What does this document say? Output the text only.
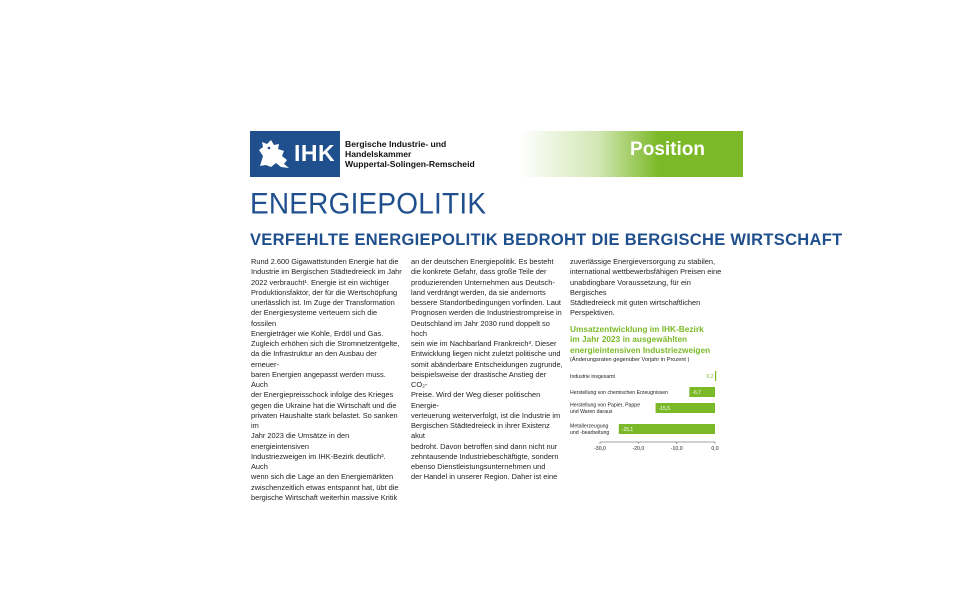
IHK Bergische Industrie- und Handelskammer
Wuppertal-Solingen-Remscheid
Position
ENERGIEPOLITIK
VERFEHLTE ENERGIEPOLITIK BEDROHT DIE BERGISCHE WIRTSCHAFT

Rund 2.600 Gigawattstunden Energie hat die

Industrie im Bergischen Städtedreieck im Jahr

2022 verbraucht¹. Energie ist ein wichtiger

Produktionsfaktor, der für die Wertschöpfung

unerlässlich ist. Im Zuge der Transformation

der Energiesysteme verteuern sich die fossilen

Energieträger wie Kohle, Erdöl und Gas.

Zugleich erhöhen sich die Stromnetzentgelte,

da die Infrastruktur an den Ausbau der erneuer-

baren Energien angepasst werden muss. Auch

der Energiepreisschock infolge des Krieges

gegen die Ukraine hat die Wirtschaft und die

privaten Haushalte stark belastet. So sanken im

Jahr 2023 die Umsätze in den energieintensiven

Industriezweigen im IHK-Bezirk deutlich². Auch

wenn sich die Lage an den Energiemärkten

zwischenzeitlich etwas entspannt hat, übt die

bergische Wirtschaft weiterhin massive Kritik

an der deutschen Energiepolitik. Es besteht

die konkrete Gefahr, dass große Teile der

produzierenden Unternehmen aus Deutsch-

land verdrängt werden, da sie andernorts

bessere Standortbedingungen vorfinden. Laut

Prognosen werden die Industriestrompreise in

Deutschland im Jahr 2030 rund doppelt so hoch

sein wie im Nachbarland Frankreich³. Dieser

Entwicklung liegen nicht zuletzt politische und

somit abänderbare Entscheidungen zugrunde,

beispielsweise der drastische Anstieg der CO₂-

Preise. Wird der Weg dieser politischen Energie-

verteuerung weiterverfolgt, ist die Industrie im

Bergischen Städtedreieck in ihrer Existenz akut

bedroht. Davon betroffen sind dann nicht nur

zehntausende Industriebeschäftigte, sondern

ebenso Dienstleistungsunternehmen und

der Handel in unserer Region. Daher ist eine

zuverlässige Energieversorgung zu stabilen,

international wettbewerbsfähigen Preisen eine

unabdingbare Voraussetzung, für ein Bergisches

Städtedreieck mit guten wirtschaftlichen

Perspektiven.

Umsatzentwicklung im IHK-Bezirk
im Jahr 2023 in ausgewählten
energieintensiven Industriezweigen
(Änderungsraten gegenüber Vorjahr in Prozent )
-30,0	-20,0	-10,0	0,0
Industrie insgesamt	0,2
Herstellung von chemischen Erzeugnissen	-6,7
Herstellung von Papier, Pappe
und Waren daraus
-15,5
Metallerzeugung
und -bearbeitung
-25,1
